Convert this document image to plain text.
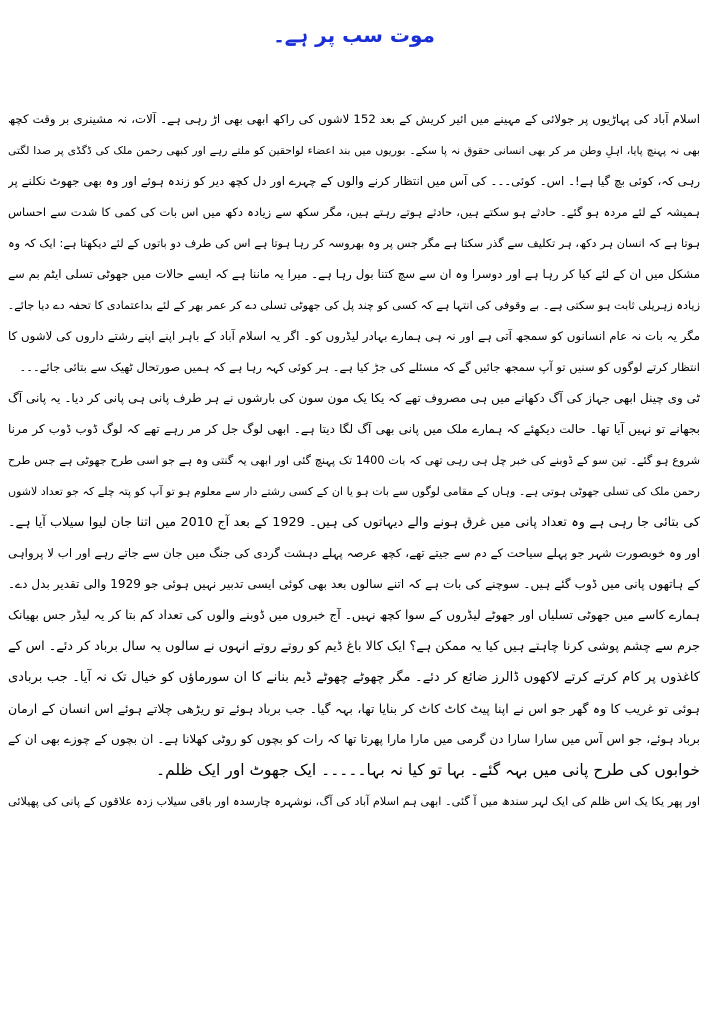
موت سب پر ہے۔
اسلام آباد کی پہاڑیوں پر جولائی کے مہینے میں ائیر کریش کے بعد 152 لاشوں کی راکھ ابھی بھی اڑ رہی ہے۔ آلات، نہ مشینری بر وقت کچھ
بھی نہ پہنچ پایا، اہلِ وطن مر کر بھی انسانی حقوق نہ پا سکے۔ بوریوں میں بند اعضاء لواحقین کو ملتے رہے اور کبھی رحمن ملک کی ڈگڈی پر صدا لگتی
رہی کہ، کوئی بچ گیا ہے!۔ اس۔ کوئی۔۔۔ کی آس میں انتظار کرنے والوں کے چہرے اور دل کچھ دیر کو زندہ ہوئے اور وہ بھی جھوٹ نکلنے پر
ہمیشہ کے لئے مردہ ہو گئے۔ حادثے ہو سکتے ہیں، حادثے ہوتے رہتے ہیں، مگر سکھ سے زیادہ دکھ میں اس بات کی کمی کا شدت سے احساس
ہوتا ہے کہ انسان ہر دکھ، ہر تکلیف سے گذر سکتا ہے مگر جس پر وہ بھروسہ کر رہا ہوتا ہے اس کی طرف دو باتوں کے لئے دیکھتا ہے: ایک کہ وہ
مشکل میں ان کے لئے کیا کر رہا ہے اور دوسرا وہ ان سے سچ کتنا بول رہا ہے۔ میرا یہ ماننا ہے کہ ایسے حالات میں جھوٹی تسلی ایٹم بم سے
زیادہ زہریلی ثابت ہو سکتی ہے۔ بے وقوفی کی انتہا ہے کہ کسی کو چند پل کی جھوٹی تسلی دے کر عمر بھر کے لئے بداعتمادی کا تحفہ دے دیا جائے۔
مگر یہ بات نہ عام انسانوں کو سمجھ آتی ہے اور نہ ہی ہمارے بہادر لیڈروں کو۔ اگر یہ اسلام آباد کے باہر اپنے اپنے رشتے داروں کی لاشوں کا
انتظار کرتے لوگوں کو سنیں تو آپ سمجھ جائیں گے کہ مسئلے کی جڑ کیا ہے۔ ہر کوئی کہہ رہا ہے کہ ہمیں صورتحال ٹھیک سے بتائی جائے۔۔۔
ٹی وی چینل ابھی جہاز کی آگ دکھانے میں ہی مصروف تھے کہ یکا یک مون سون کی بارشوں نے ہر طرف پانی ہی پانی کر دیا۔ یہ پانی آگ
بجھانے تو نہیں آیا تھا۔ حالت دیکھئے کہ ہمارے ملک میں پانی بھی آگ لگا دیتا ہے۔ ابھی لوگ جل کر مر رہے تھے کہ لوگ ڈوب ڈوب کر مرنا
شروع ہو گئے۔ تین سو کے ڈوبنے کی خبر چل ہی رہی تھی کہ بات 1400 تک پہنچ گئی اور ابھی یہ گنتی وہ ہے جو اسی طرح جھوٹی ہے جس طرح
رحمن ملک کی تسلی جھوٹی ہوتی ہے۔ وہاں کے مقامی لوگوں سے بات ہو یا ان کے کسی رشتے دار سے معلوم ہو تو آپ کو پتہ چلے کہ جو تعداد لاشوں
کی بتائی جا رہی ہے وہ تعداد پانی میں غرق ہونے والے دیہاتوں کی ہیں۔ 1929 کے بعد آج 2010 میں اتنا جان لیوا سیلاب آیا ہے۔
اور وہ خوبصورت شہر جو پہلے سیاحت کے دم سے جیتے تھے، کچھ عرصہ پہلے دہشت گردی کی جنگ میں جان سے جاتے رہے اور اب لا پرواہی
کے ہاتھوں پانی میں ڈوب گئے ہیں۔ سوچنے کی بات ہے کہ اتنے سالوں بعد بھی کوئی ایسی تدبیر نہیں ہوئی جو 1929 والی تقدیر بدل دے۔
ہمارے کاسے میں جھوٹی تسلیاں اور جھوٹے لیڈروں کے سوا کچھ نہیں۔ آج خبروں میں ڈوبنے والوں کی تعداد کم بتا کر یہ لیڈر جس بھیانک
جرم سے چشم پوشی کرنا چاہتے ہیں کیا یہ ممکن ہے؟ ایک کالا باغ ڈیم کو روتے روتے انہوں نے سالوں یہ سال برباد کر دئے۔ اس کے
کاغذوں پر کام کرتے کرتے لاکھوں ڈالرز ضائع کر دئے۔ مگر چھوٹے چھوٹے ڈیم بنانے کا ان سورماؤں کو خیال تک نہ آیا۔ جب بربادی
ہوئی تو غریب کا وہ گھر جو اس نے اپنا پیٹ کاٹ کاٹ کر بنایا تھا، بہہ گیا۔ جب برباد ہوئے تو ریڑھی چلاتے ہوئے اس انسان کے ارمان
برباد ہوئے، جو اس آس میں سارا سارا دن گرمی میں مارا مارا پھرتا تھا کہ رات کو بچوں کو روٹی کھلانا ہے۔ ان بچوں کے چوزے بھی ان کے
خوابوں کی طرح پانی میں بہہ گئے۔ بہا تو کیا نہ بہا۔۔۔۔۔ ایک جھوٹ اور ایک ظلم۔
اور پھر یکا یک اس ظلم کی ایک لہر سندھ میں آ گئی۔ ابھی ہم اسلام آباد کی آگ، نوشہرہ چارسدہ اور باقی سیلاب زدہ علاقوں کے پانی کی پھیلائی
